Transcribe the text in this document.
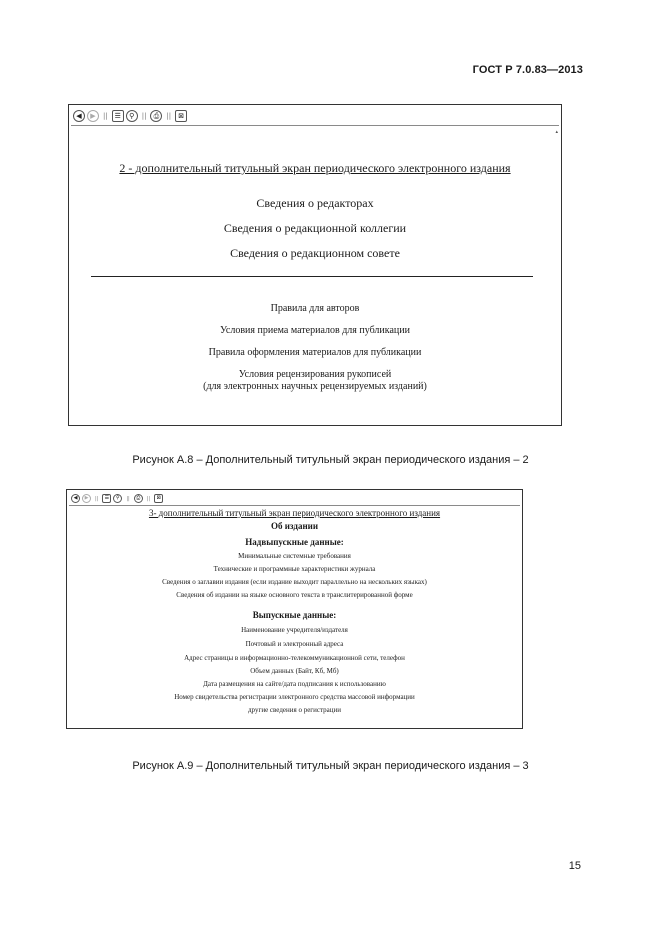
ГОСТ Р 7.0.83—2013
◀	▶	|| ☰	⚲	||	⎙	||	⊠
▴
2 - дополнительный титульный экран периодического электронного издания
Сведения о редакторах
Сведения о редакционной коллегии
Сведения о редакционном совете
Правила для авторов
Условия приема материалов для публикации
Правила оформления материалов для публикации
Условия рецензирования рукописей
(для электронных научных рецензируемых изданий)
Рисунок А.8 – Дополнительный титульный экран периодического издания – 2
◀	▶	||	☰	⚲	||	⎙	||	⊠
3- дополнительный титульный экран периодического электронного издания
Об издании
Надвыпускные данные:
Минимальные системные требования
Технические и программные характеристики журнала
Сведения о заглавии издания (если издание выходит параллельно на нескольких языках)
Сведения об издании на языке основного текста в транслитерированной форме
Выпускные данные:
Наименование учредителя/издателя
Почтовый и электронный адреса
Адрес страницы в информационно-телекоммуникационной сети, телефон
Объем данных (Байт, Кб, Мб)
Дата размещения на сайте/дата подписания к использованию
Номер свидетельства регистрации электронного средства массовой информации
другие сведения о регистрации
Рисунок А.9 – Дополнительный титульный экран периодического издания – 3
15
